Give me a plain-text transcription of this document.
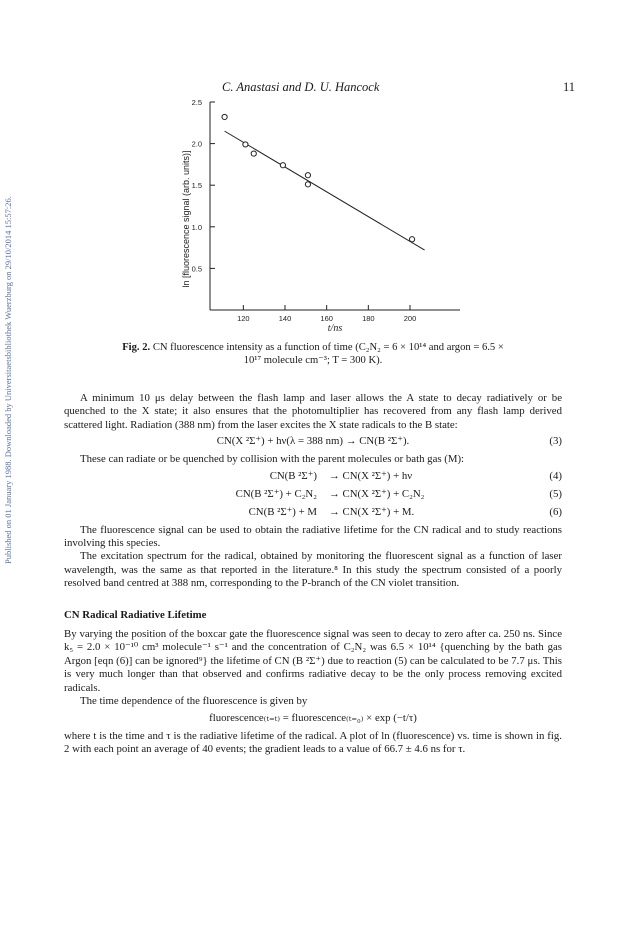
C. Anastasi and D. U. Hancock	11
Published on 01 January 1988. Downloaded by Universitaetsbibliothek Wuerzburg on 29/10/2014 15:57:26.	0.5
1.0
1.5
2.0
2.5
120	140	160	180	200
ln [fluorescence signal (arb. units)]
t/ns
Fig. 2. CN fluorescence intensity as a function of time (C₂N₂ = 6 × 10¹⁴ and argon = 6.5 ×
10¹⁷ molecule cm⁻³; T = 300 K).

A minimum 10 μs delay between the flash lamp and laser allows the A state to decay radiatively or be quenched to the X state; it also ensures that the photomultiplier has recovered from any flash lamp derived scattered light. Radiation (388 nm) from the laser excites the X state radicals to the B state:

CN(X ²Σ⁺) + hν(λ = 388 nm) → CN(B ²Σ⁺).	(3)

These can radiate or be quenched by collision with the parent molecules or bath gas (M):

CN(B ²Σ⁺) → CN(X ²Σ⁺) + hν	(4)
CN(B ²Σ⁺) + C₂N₂ → CN(X ²Σ⁺) + C₂N₂	(5)
CN(B ²Σ⁺) + M → CN(X ²Σ⁺) + M.	(6)

The fluorescence signal can be used to obtain the radiative lifetime for the CN radical and to study reactions involving this species.

The excitation spectrum for the radical, obtained by monitoring the fluorescent signal as a function of laser wavelength, was the same as that reported in the literature.⁸ In this study the spectrum consisted of a poorly resolved band centred at 388 nm, corresponding to the P-branch of the CN violet transition.

CN Radical Radiative Lifetime

By varying the position of the boxcar gate the fluorescence signal was seen to decay to zero after ca. 250 ns. Since k₅ = 2.0 × 10⁻¹⁰ cm³ molecule⁻¹ s⁻¹ and the concentration of C₂N₂ was 6.5 × 10¹⁴ {quenching by the bath gas Argon [eqn (6)] can be ignored⁹} the lifetime of CN (B ²Σ⁺) due to reaction (5) can be calculated to be 7.7 μs. This is very much longer than that observed and confirms radiative decay to be the only process removing excited radicals.

The time dependence of the fluorescence is given by

fluorescence₍ₜ₌ₜ₎ = fluorescence₍ₜ₌₀₎ × exp (−t/τ)

where t is the time and τ is the radiative lifetime of the radical. A plot of ln (fluorescence) vs. time is shown in fig. 2 with each point an average of 40 events; the gradient leads to a value of 66.7 ± 4.6 ns for τ.
